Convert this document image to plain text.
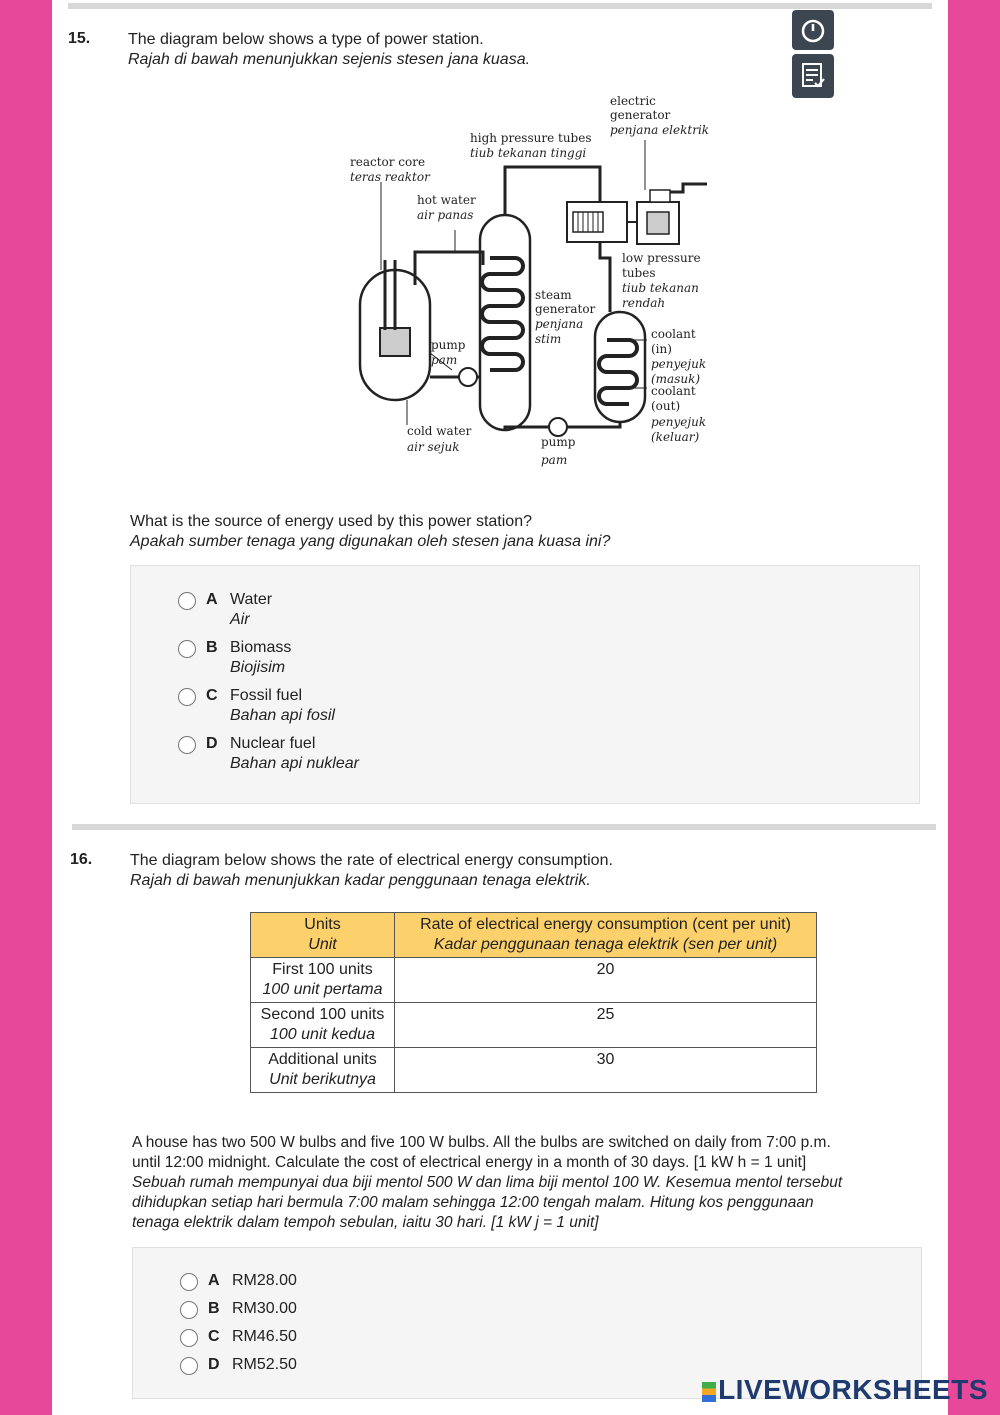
15. The diagram below shows a type of power station.
Rajah di bawah menunjukkan sejenis stesen jana kuasa.
electric
generator
penjana elektrik
high pressure tubes
tiub tekanan tinggi
reactor core
teras reaktor
hot water
air panas
low pressure
tubes
tiub tekanan
rendah
steam
generator
penjana
stim	coolant
(in)
penyejuk
(masuk)
coolant
(out)
penyejuk
(keluar)
pump
pam
cold water
air sejuk	pump
pam
What is the source of energy used by this power station?
Apakah sumber tenaga yang digunakan oleh stesen jana kuasa ini?
A Water
Air
B Biomass
Biojisim
C Fossil fuel
Bahan api fosil
D Nuclear fuel
Bahan api nuklear
16. The diagram below shows the rate of electrical energy consumption.
Rajah di bawah menunjukkan kadar penggunaan tenaga elektrik.
Units
Unit	Rate of electrical energy consumption (cent per unit)
Kadar penggunaan tenaga elektrik (sen per unit)

First 100 units
100 unit pertama	20
Second 100 units
100 unit kedua	25
Additional units
Unit berikutnya	30
A house has two 500 W bulbs and five 100 W bulbs. All the bulbs are switched on daily from 7:00 p.m.
until 12:00 midnight. Calculate the cost of electrical energy in a month of 30 days. [1 kW h = 1 unit]
Sebuah rumah mempunyai dua biji mentol 500 W dan lima biji mentol 100 W. Kesemua mentol tersebut
dihidupkan setiap hari bermula 7:00 malam sehingga 12:00 tengah malam. Hitung kos penggunaan
tenaga elektrik dalam tempoh sebulan, iaitu 30 hari. [1 kW j = 1 unit]
A RM28.00
B RM30.00
C RM46.50
D RM52.50
LIVEWORKSHEETS
